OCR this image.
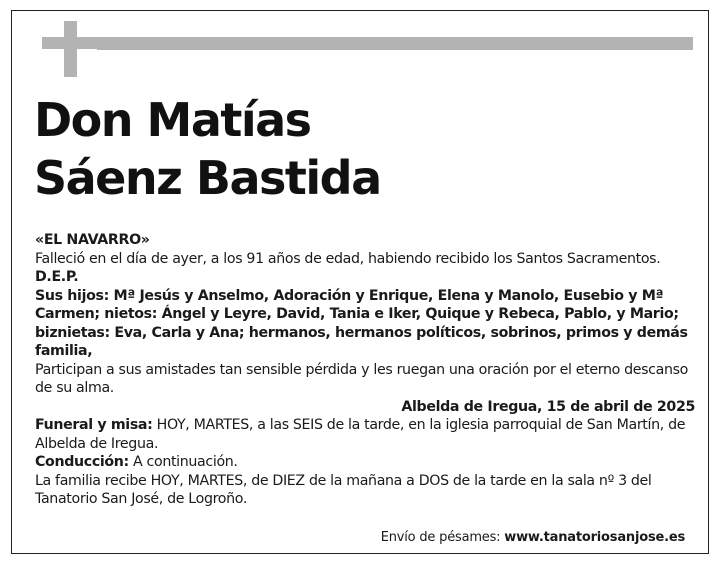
Don Matías
Sáenz Bastida

«EL NAVARRO»

Falleció en el día de ayer, a los 91 años de edad, habiendo recibido los Santos Sacramentos.

D.E.P.

Sus hijos: Mª Jesús y Anselmo, Adoración y Enrique, Elena y Manolo, Eusebio y Mª Carmen; nietos: Ángel y Leyre, David, Tania e Iker, Quique y Rebeca, Pablo, y Mario; biznietas: Eva, Carla y Ana; hermanos, hermanos políticos, sobrinos, primos y demás familia,

Participan a sus amistades tan sensible pérdida y les ruegan una oración por el eterno descanso de su alma.

Albelda de Iregua, 15 de abril de 2025

Funeral y misa: HOY, MARTES, a las SEIS de la tarde, en la iglesia parroquial de San Martín, de Albelda de Iregua.

Conducción: A continuación.

La familia recibe HOY, MARTES, de DIEZ de la mañana a DOS de la tarde en la sala nº 3 del Tanatorio San José, de Logroño.

Envío de pésames: www.tanatoriosanjose.es
